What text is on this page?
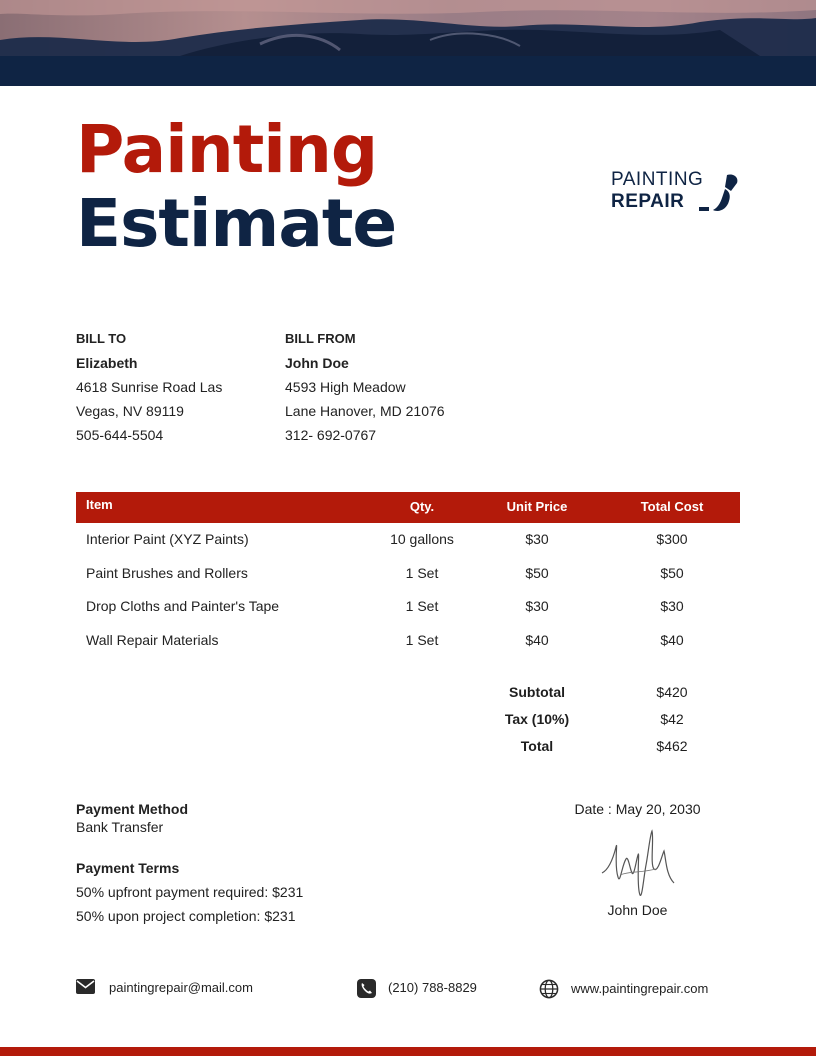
Painting
Estimate
PAINTING
REPAIR
BILL TO
Elizabeth
4618 Sunrise Road Las
Vegas, NV 89119
505-644-5504
BILL FROM
John Doe
4593 High Meadow
Lane Hanover, MD 21076
312- 692-0767
Item	Qty.	Unit Price	Total Cost
Interior Paint (XYZ Paints)	10 gallons	$30	$300
Paint Brushes and Rollers	1 Set	$50	$50
Drop Cloths and Painter's Tape	1 Set	$30	$30
Wall Repair Materials	1 Set	$40	$40
Subtotal	$420
Tax (10%)	$42
Total	$462
Payment Method
Bank Transfer
Payment Terms
50% upfront payment required: $231
50% upon project completion: $231
Date : May 20, 2030
John Doe
paintingrepair@mail.com	(210) 788-8829	www.paintingrepair.com
